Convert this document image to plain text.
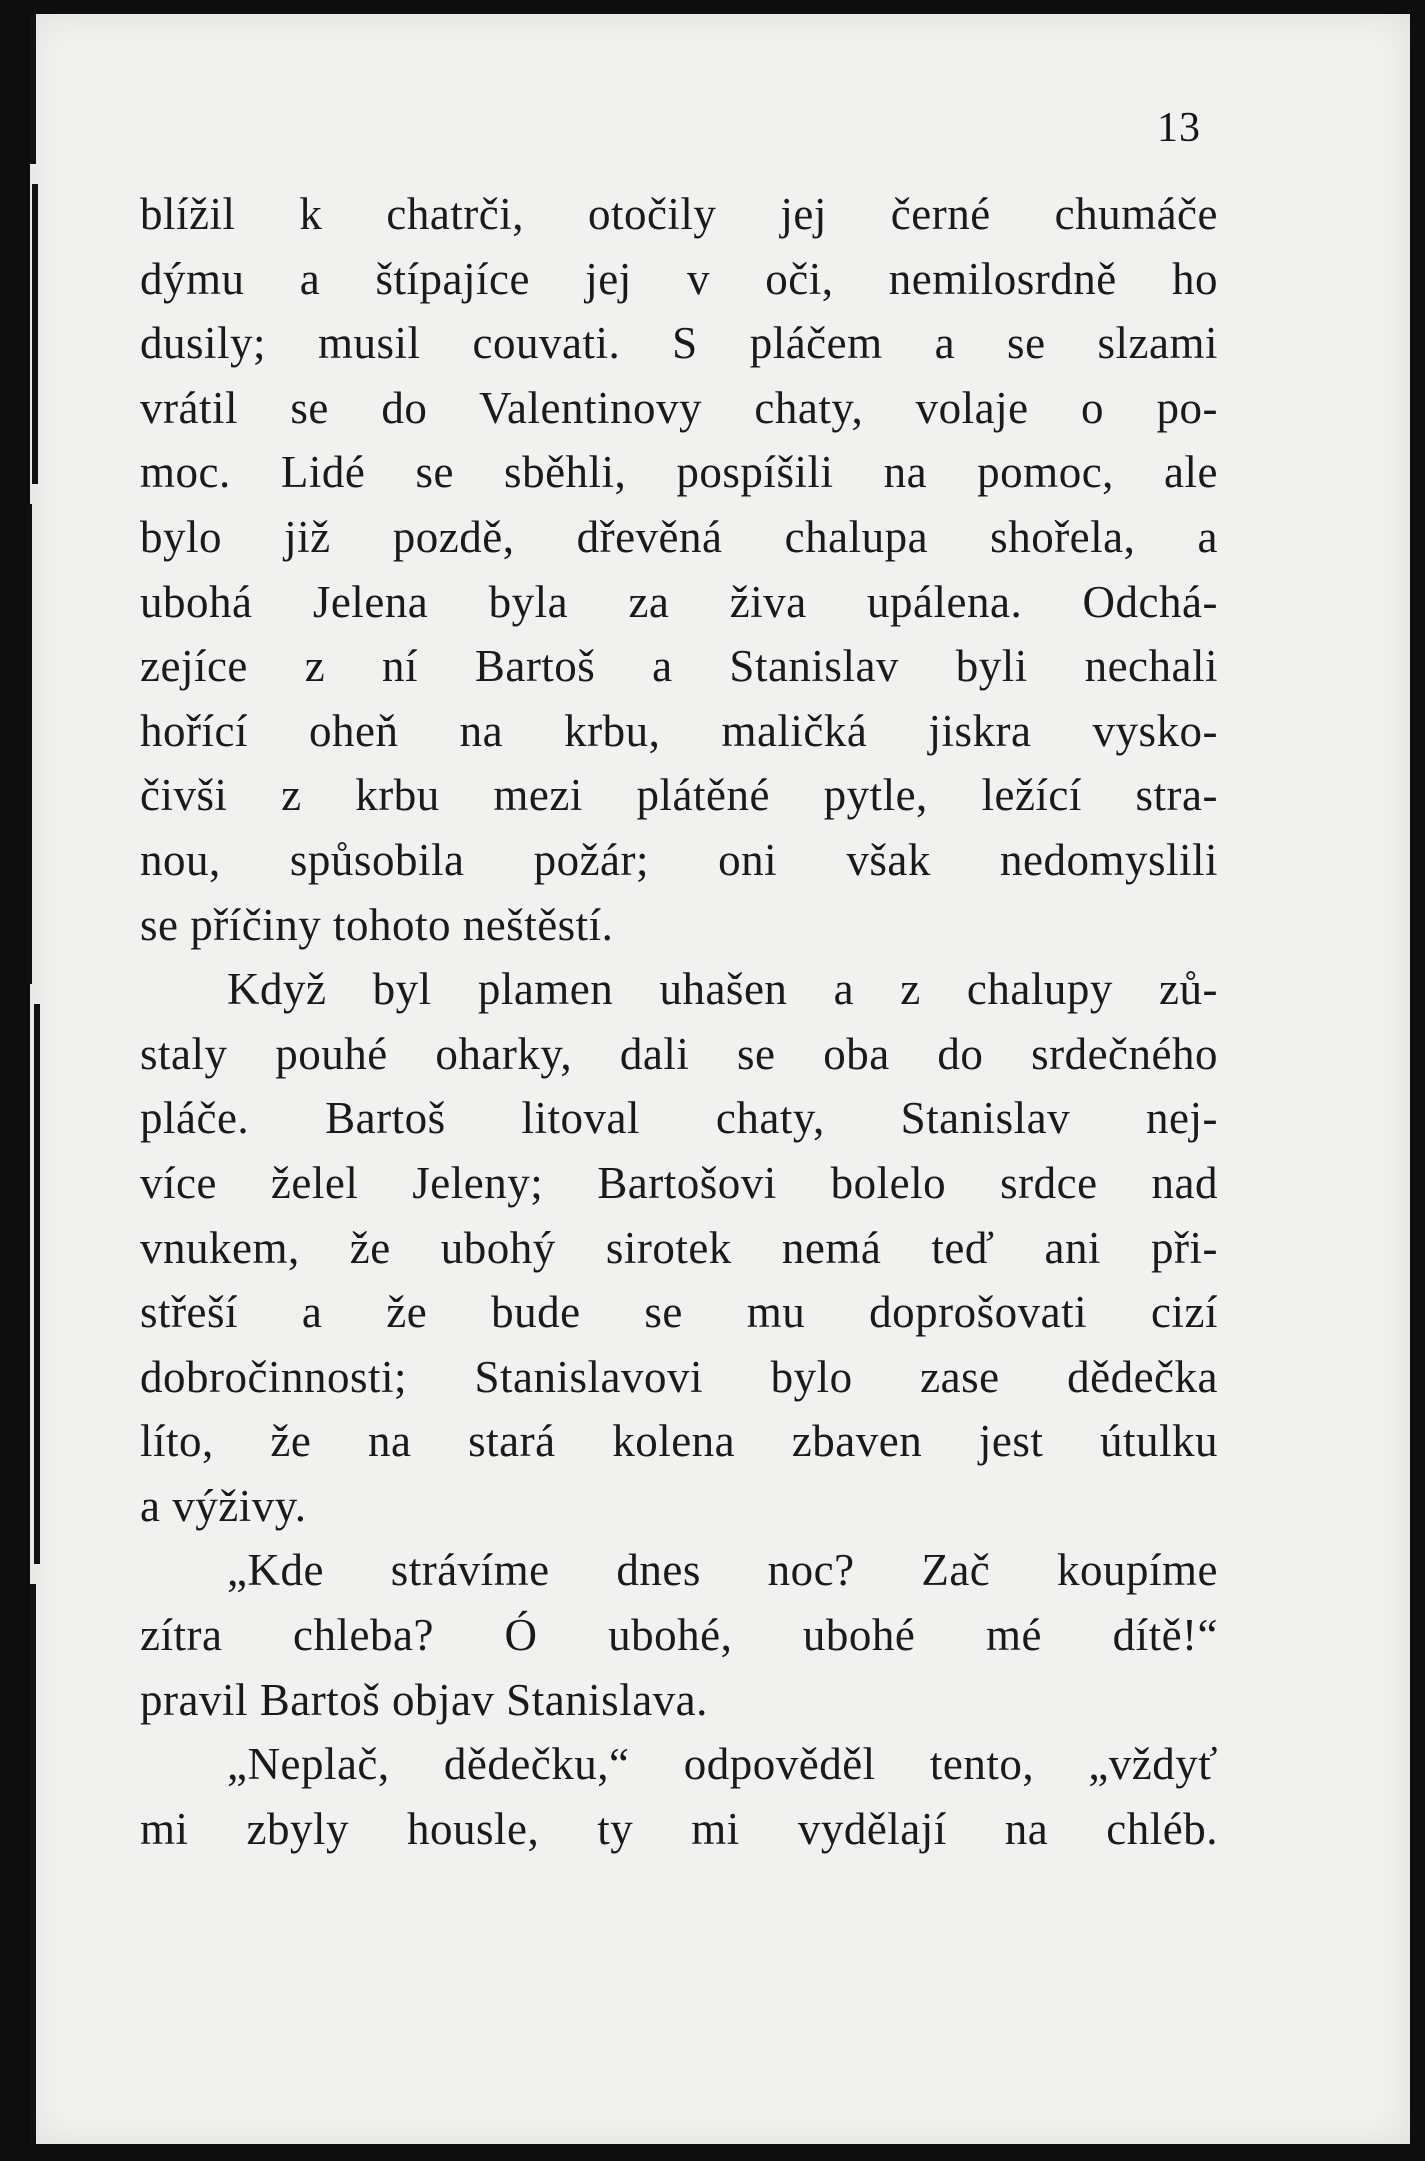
13
blížil k chatrči, otočily jej černé chumáče
dýmu a štípajíce jej v oči, nemilosrdně ho
dusily; musil couvati. S pláčem a se slzami
vrátil se do Valentinovy chaty, volaje o po-
moc. Lidé se sběhli, pospíšili na pomoc, ale
bylo již pozdě, dřevěná chalupa shořela, a
ubohá Jelena byla za živa upálena. Odchá-
zejíce z ní Bartoš a Stanislav byli nechali
hořící oheň na krbu, maličká jiskra vysko-
čivši z krbu mezi plátěné pytle, ležící stra-
nou, spůsobila požár; oni však nedomyslili
se příčiny tohoto neštěstí.
Když byl plamen uhašen a z chalupy zů-
staly pouhé oharky, dali se oba do srdečného
pláče. Bartoš litoval chaty, Stanislav nej-
více želel Jeleny; Bartošovi bolelo srdce nad
vnukem, že ubohý sirotek nemá teď ani při-
střeší a že bude se mu doprošovati cizí
dobročinnosti; Stanislavovi bylo zase dědečka
líto, že na stará kolena zbaven jest útulku
a výživy.
„Kde strávíme dnes noc? Zač koupíme
zítra chleba? Ó ubohé, ubohé mé dítě!“
pravil Bartoš objav Stanislava.
„Neplač, dědečku,“ odpověděl tento, „vždyť
mi zbyly housle, ty mi vydělají na chléb.
